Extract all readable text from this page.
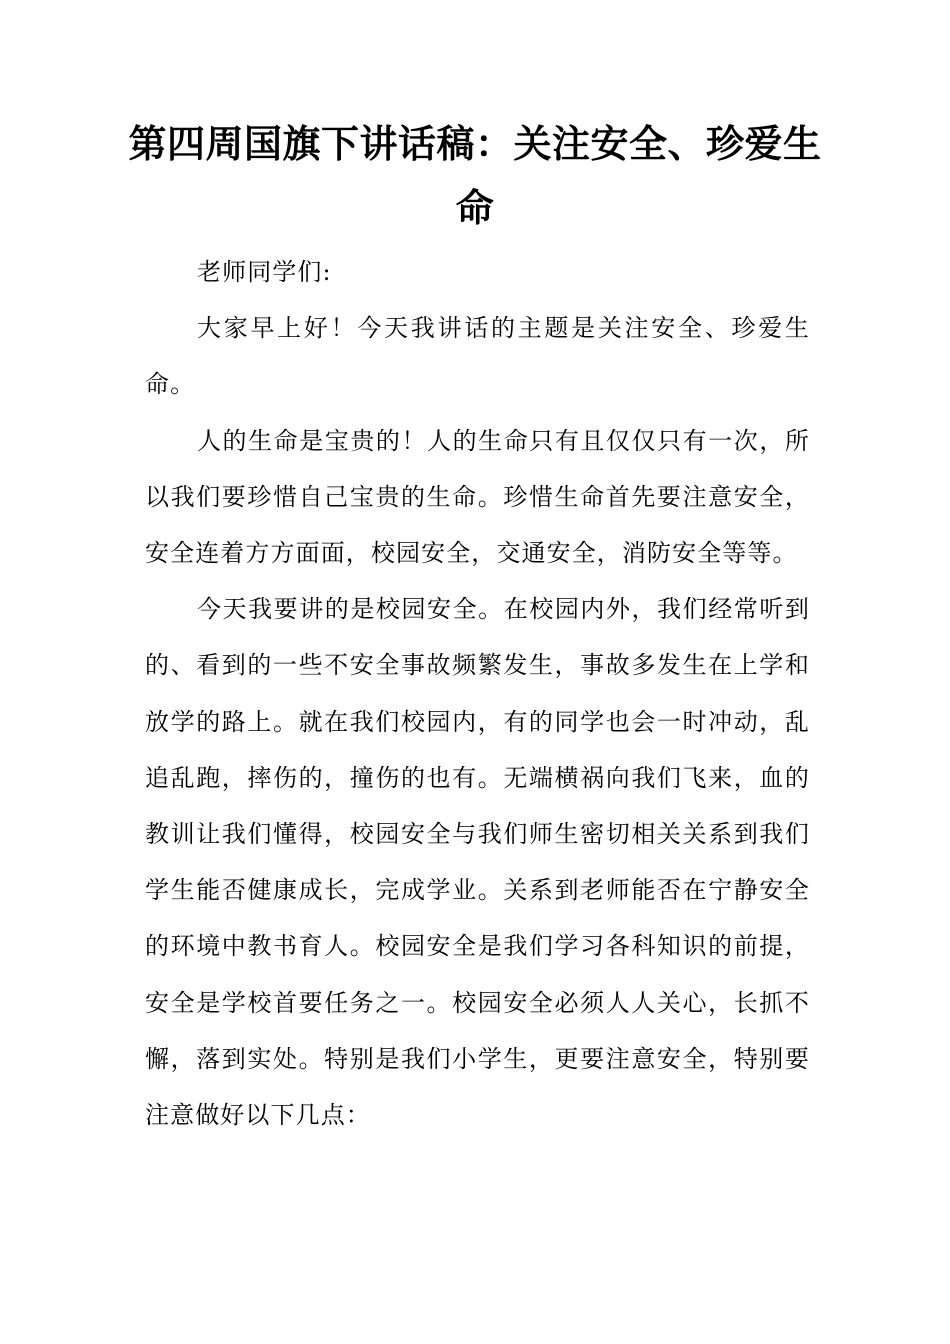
第四周国旗下讲话稿：关注安全、珍爱生命

老师同学们:

大家早上好！今天我讲话的主题是关注安全、珍爱生命。

人的生命是宝贵的！人的生命只有且仅仅只有一次，所以我们要珍惜自己宝贵的生命。珍惜生命首先要注意安全，安全连着方方面面，校园安全，交通安全，消防安全等等。

今天我要讲的是校园安全。在校园内外，我们经常听到的、看到的一些不安全事故频繁发生，事故多发生在上学和放学的路上。就在我们校园内，有的同学也会一时冲动，乱追乱跑，摔伤的，撞伤的也有。无端横祸向我们飞来，血的教训让我们懂得，校园安全与我们师生密切相关关系到我们学生能否健康成长，完成学业。关系到老师能否在宁静安全的环境中教书育人。校园安全是我们学习各科知识的前提，安全是学校首要任务之一。校园安全必须人人关心，长抓不懈，落到实处。特别是我们小学生，更要注意安全，特别要注意做好以下几点：
